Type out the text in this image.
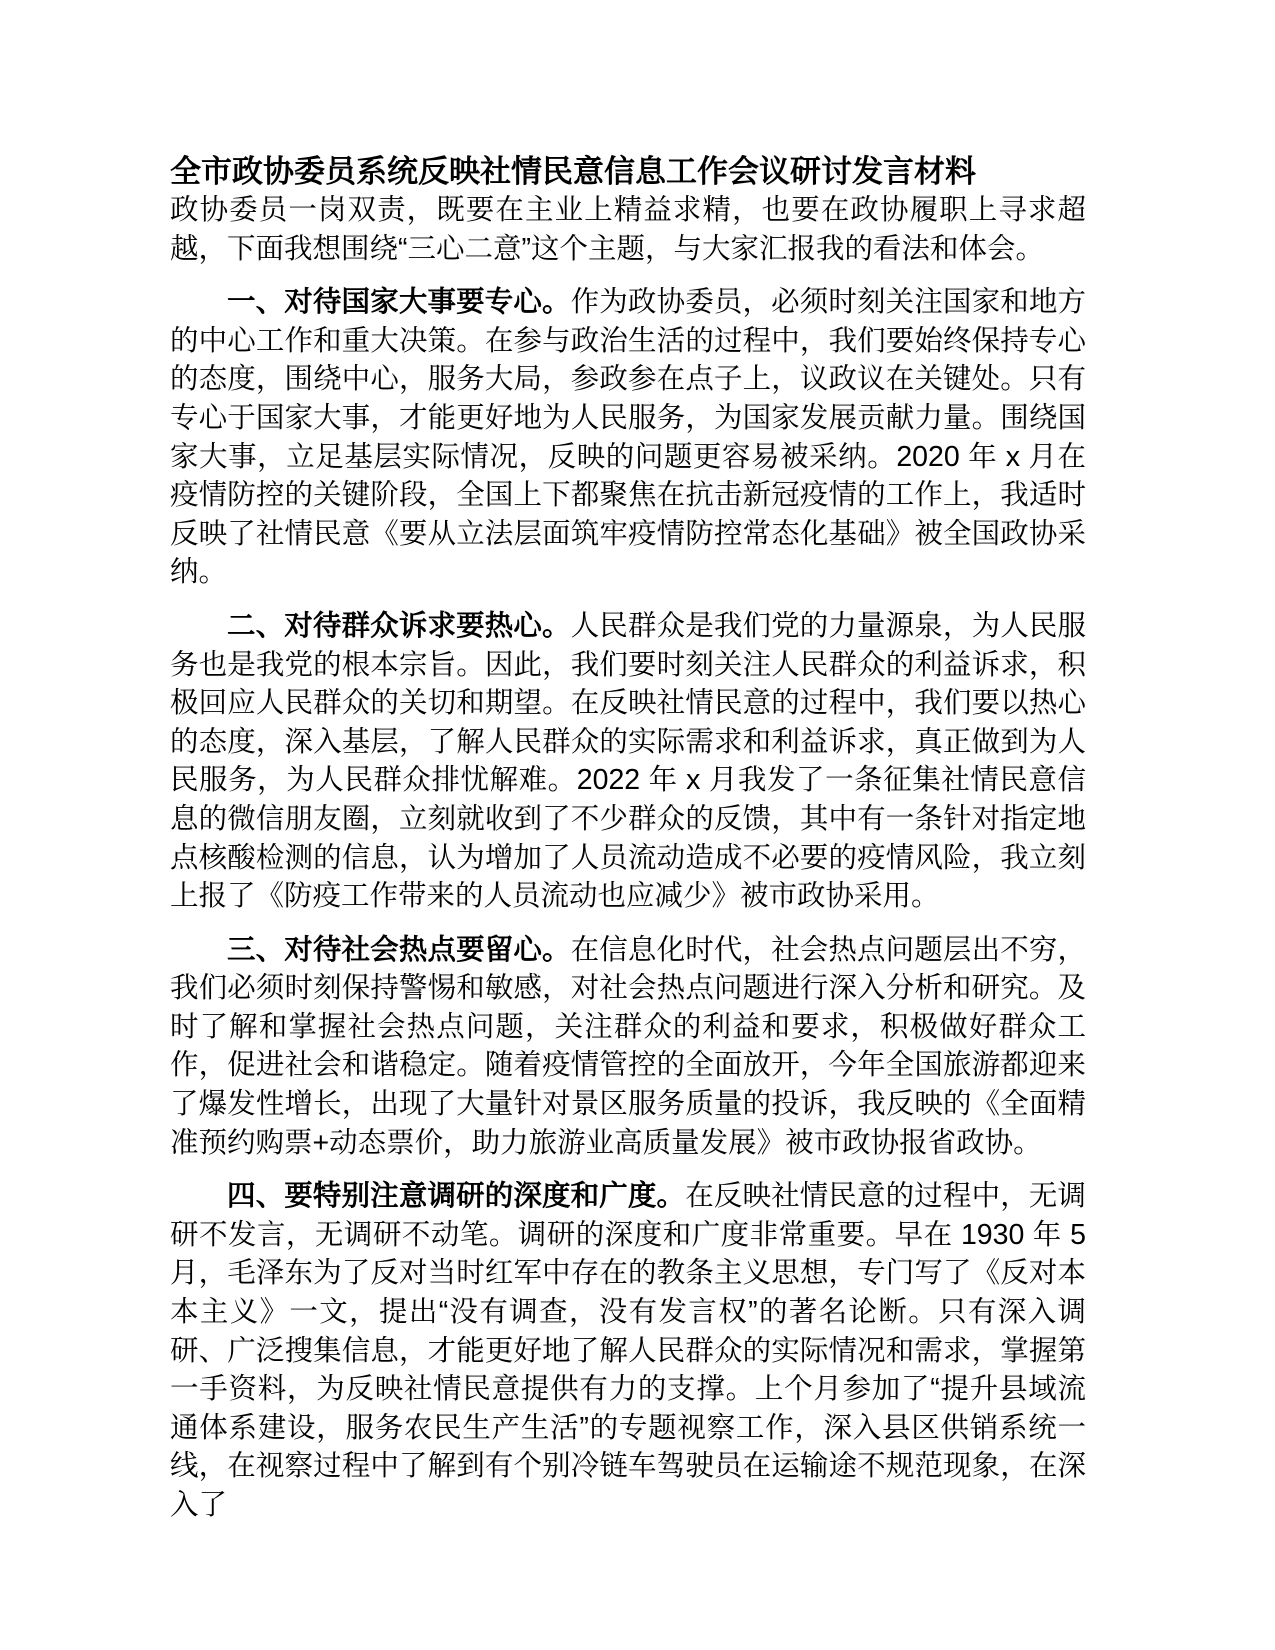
全市政协委员系统反映社情民意信息工作会议研讨发言材料

政协委员一岗双责，既要在主业上精益求精，也要在政协履职上寻求超越，下面我想围绕“三心二意”这个主题，与大家汇报我的看法和体会。

一、对待国家大事要专心。作为政协委员，必须时刻关注国家和地方的中心工作和重大决策。在参与政治生活的过程中，我们要始终保持专心的态度，围绕中心，服务大局，参政参在点子上，议政议在关键处。只有专心于国家大事，才能更好地为人民服务，为国家发展贡献力量。围绕国家大事，立足基层实际情况，反映的问题更容易被采纳。2020 年 x 月在疫情防控的关键阶段，全国上下都聚焦在抗击新冠疫情的工作上，我适时反映了社情民意《要从立法层面筑牢疫情防控常态化基础》被全国政协采纳。

二、对待群众诉求要热心。人民群众是我们党的力量源泉，为人民服务也是我党的根本宗旨。因此，我们要时刻关注人民群众的利益诉求，积极回应人民群众的关切和期望。在反映社情民意的过程中，我们要以热心的态度，深入基层，了解人民群众的实际需求和利益诉求，真正做到为人民服务，为人民群众排忧解难。2022 年 x 月我发了一条征集社情民意信息的微信朋友圈，立刻就收到了不少群众的反馈，其中有一条针对指定地点核酸检测的信息，认为增加了人员流动造成不必要的疫情风险，我立刻上报了《防疫工作带来的人员流动也应减少》被市政协采用。

三、对待社会热点要留心。在信息化时代，社会热点问题层出不穷，我们必须时刻保持警惕和敏感，对社会热点问题进行深入分析和研究。及时了解和掌握社会热点问题，关注群众的利益和要求，积极做好群众工作，促进社会和谐稳定。随着疫情管控的全面放开，今年全国旅游都迎来了爆发性增长，出现了大量针对景区服务质量的投诉，我反映的《全面精准预约购票+动态票价，助力旅游业高质量发展》被市政协报省政协。

四、要特别注意调研的深度和广度。在反映社情民意的过程中，无调研不发言，无调研不动笔。调研的深度和广度非常重要。早在 1930 年 5 月，毛泽东为了反对当时红军中存在的教条主义思想，专门写了《反对本本主义》一文，提出“没有调查，没有发言权”的著名论断。只有深入调研、广泛搜集信息，才能更好地了解人民群众的实际情况和需求，掌握第一手资料，为反映社情民意提供有力的支撑。上个月参加了“提升县域流通体系建设，服务农民生产生活”的专题视察工作，深入县区供销系统一线，在视察过程中了解到有个别冷链车驾驶员在运输途不规范现象，在深入了
